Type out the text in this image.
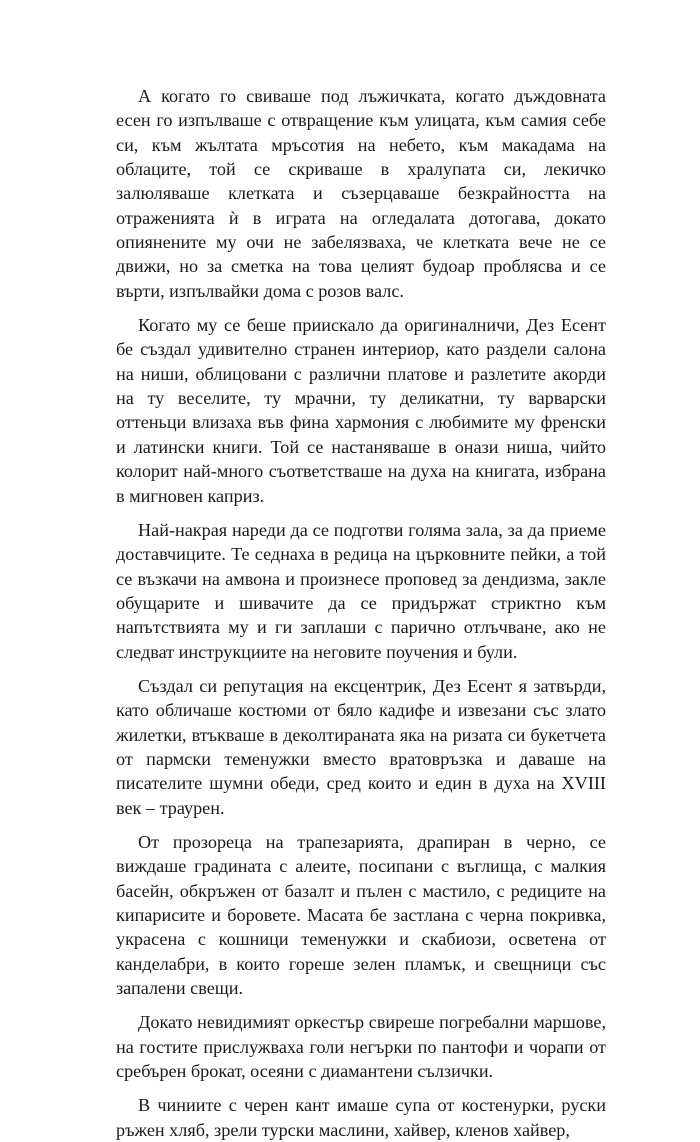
А когато го свиваше под лъжичката, когато дъждовната есен го изпълваше с отвращение към улицата, към самия себе си, към жълтата мръсотия на небето, към макадама на облаците, той се скриваше в хралупата си, лекичко залюляваше клетката и съзерцаваше безкрайността на отраженията ѝ в играта на огледалата дотогава, докато опиянените му очи не забелязваха, че клетката вече не се движи, но за сметка на това целият будоар проблясва и се върти, изпълвайки дома с розов валс.

Когато му се беше приискало да оригиналничи, Дез Есент бе създал удивително странен интериор, като раздели салона на ниши, облицовани с различни платове и разлетите акорди на ту веселите, ту мрачни, ту деликатни, ту варварски оттеньци влизаха във фина хармония с любимите му френски и латински книги. Той се настаняваше в онази ниша, чийто колорит най-много съответстваше на духа на книгата, избрана в мигновен каприз.

Най-накрая нареди да се подготви голяма зала, за да приеме доставчиците. Те седнаха в редица на църковните пейки, а той се възкачи на амвона и произнесе пропoвед за дендизма, закле обущарите и шивачите да се придържат стриктно към напътствията му и ги заплаши с парично отлъчване, ако не следват инструкциите на неговите поучения и були.

Създал си репутация на ексцентрик, Дез Есент я затвърди, като обличаше костюми от бяло кадифе и извезани със злато жилетки, втъкваше в деколтираната яка на ризата си букетчета от пармски теменужки вместо вратовръзка и даваше на писателите шумни обеди, сред които и един в духа на XVIII век – траурен.

От прозореца на трапезарията, драпиран в черно, се виждаше градината с алеите, посипани с въглища, с малкия басейн, обкръжен от базалт и пълен с мастило, с редиците на кипарисите и боровете. Масата бе застлана с черна покривка, украсена с кошници теменужки и скабиози, осветена от канделабри, в които гореше зелен пламък, и свещници със запалени свещи.

Докато невидимият оркестър свиреше погребални маршове, на гостите прислужваха голи негърки по пантофи и чорапи от сребърен брокат, осеяни с диамантени сълзички.

В чиниите с черен кант имаше супа от костенурки, руски ръжен хляб, зрели турски маслини, хайвер, кленов хайвер,
